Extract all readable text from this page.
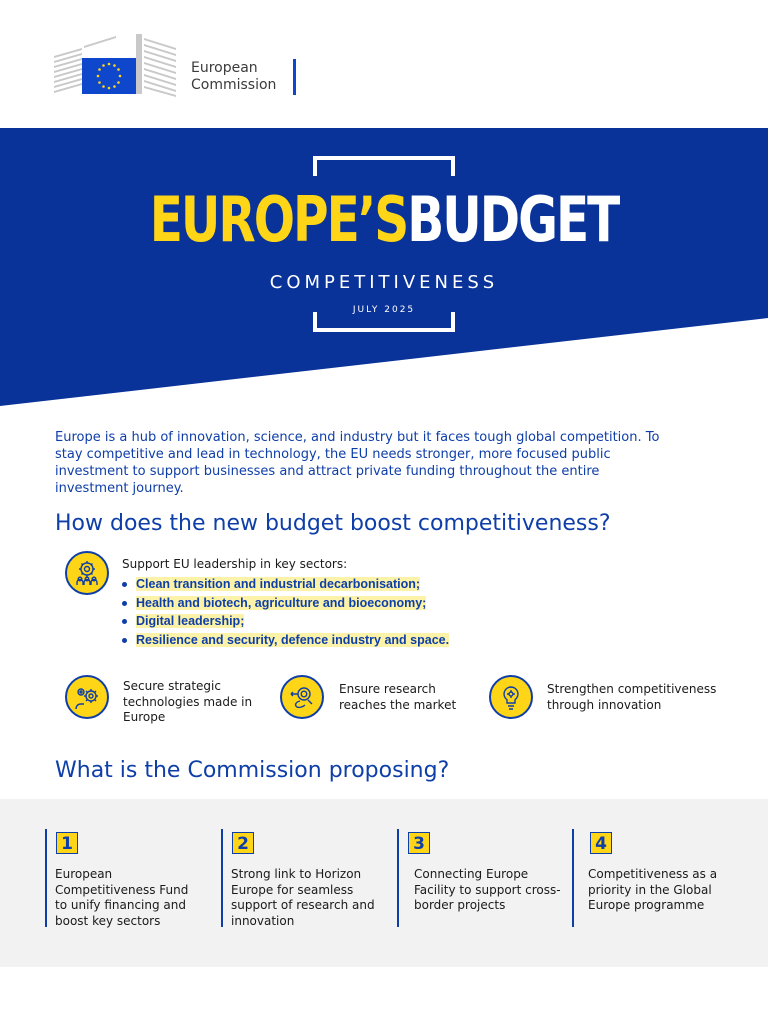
European
Commission
EUROPE’SBUDGET
COMPETITIVENESS
JULY 2025
Europe is a hub of innovation, science, and industry but it faces tough global competition. To stay competitive and lead in technology, the EU needs stronger, more focused public investment to support businesses and attract private funding throughout the entire investment journey.
How does the new budget boost competitiveness?
Support EU leadership in key sectors:
Clean transition and industrial decarbonisation;
Health and biotech, agriculture and bioeconomy;
Digital leadership;
Resilience and security, defence industry and space.
Secure strategic technologies made in Europe
Ensure research reaches the market
Strengthen competitiveness through innovation
What is the Commission proposing?
1
European Competitiveness Fund to unify financing and boost key sectors
2
Strong link to Horizon Europe for seamless support of research and innovation
3
Connecting Europe Facility to support cross-border projects
4
Competitiveness as a priority in the Global Europe programme
